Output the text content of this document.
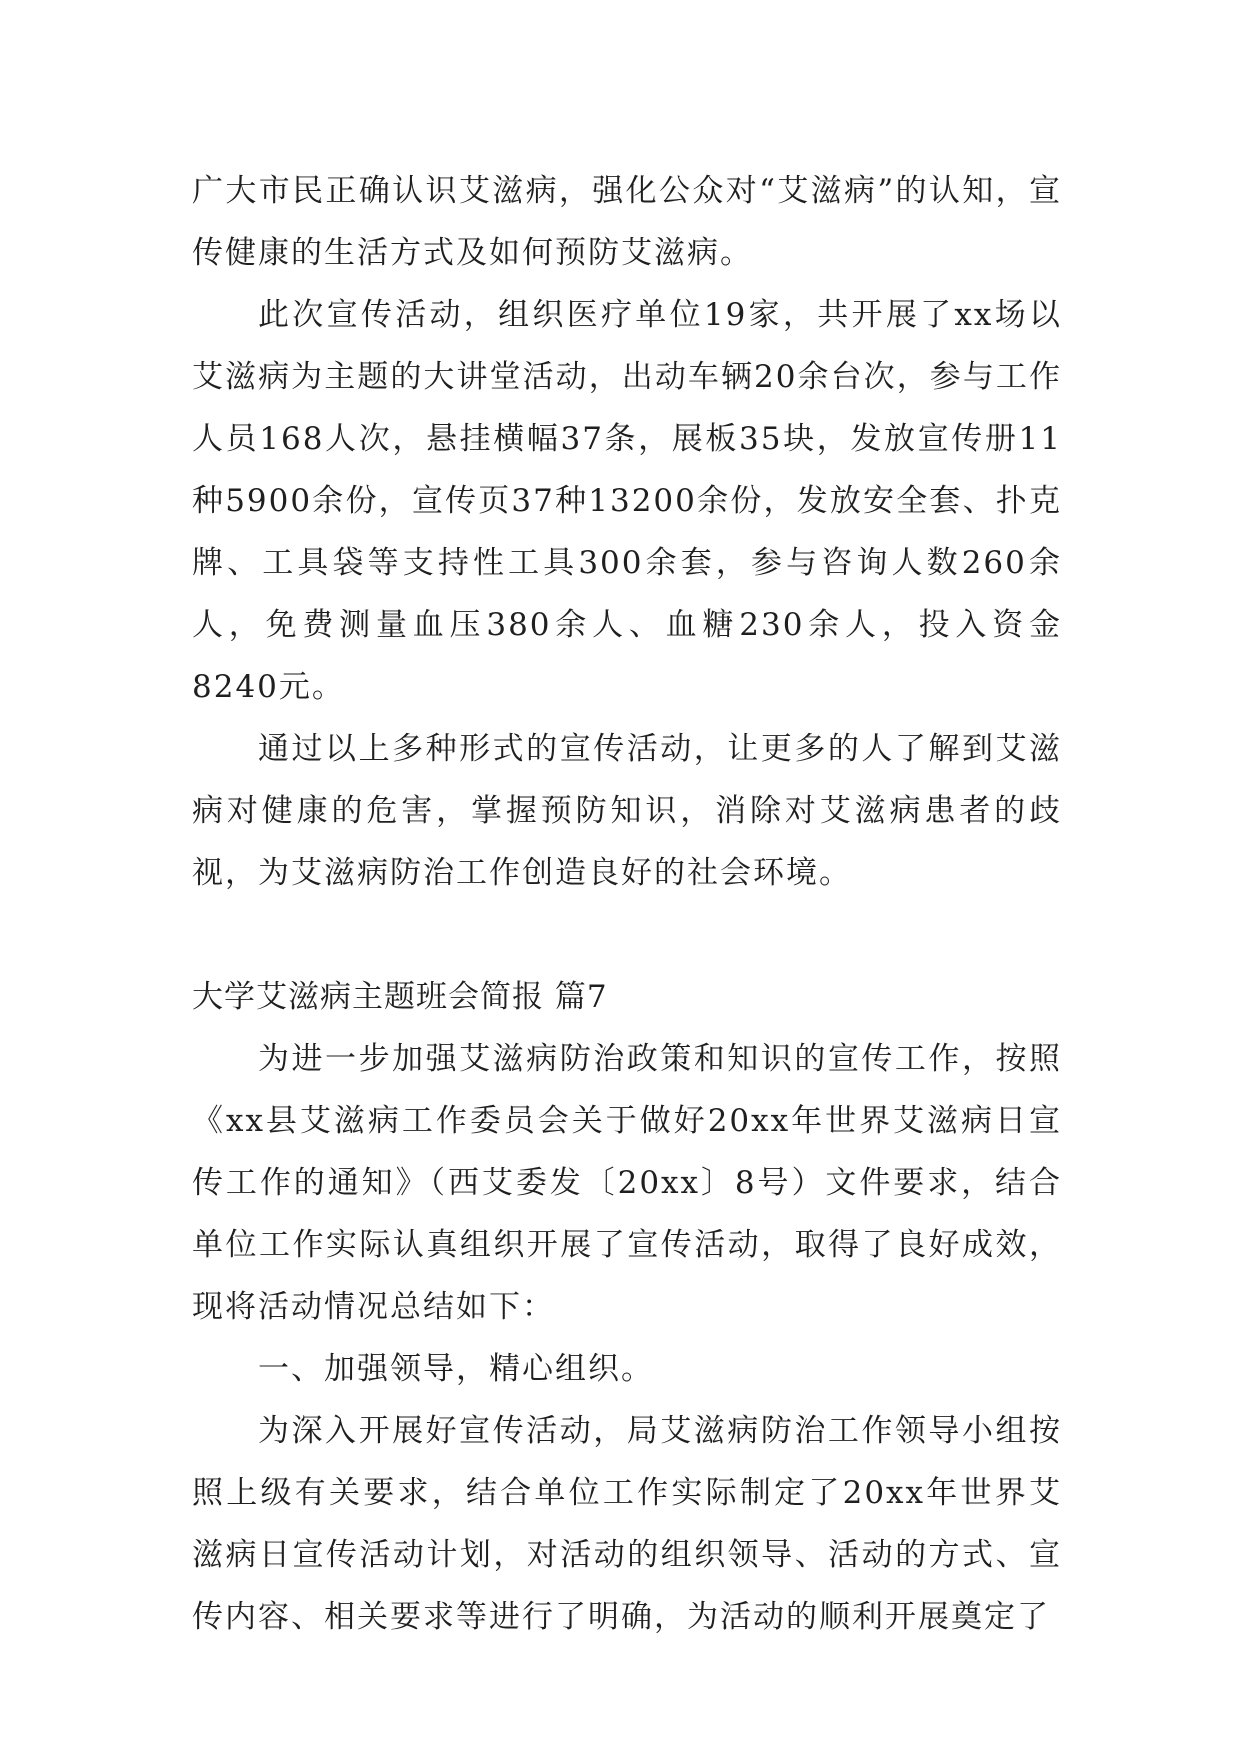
广大市民正确认识艾滋病，强化公众对“艾滋病”的认知，宣传健康的生活方式及如何预防艾滋病。

此次宣传活动，组织医疗单位19家，共开展了xx场以艾滋病为主题的大讲堂活动，出动车辆20余台次，参与工作人员168人次，悬挂横幅37条，展板35块，发放宣传册11种5900余份，宣传页37种13200余份，发放安全套、扑克牌、工具袋等支持性工具300余套，参与咨询人数260余人，免费测量血压380余人、血糖230余人，投入资金8240元。

通过以上多种形式的宣传活动，让更多的人了解到艾滋病对健康的危害，掌握预防知识，消除对艾滋病患者的歧视，为艾滋病防治工作创造良好的社会环境。

大学艾滋病主题班会简报 篇7

为进一步加强艾滋病防治政策和知识的宣传工作，按照《xx县艾滋病工作委员会关于做好20xx年世界艾滋病日宣传工作的通知》（西艾委发〔20xx〕8号）文件要求，结合单位工作实际认真组织开展了宣传活动，取得了良好成效，现将活动情况总结如下：

一、加强领导，精心组织。

为深入开展好宣传活动，局艾滋病防治工作领导小组按照上级有关要求，结合单位工作实际制定了20xx年世界艾滋病日宣传活动计划，对活动的组织领导、活动的方式、宣传内容、相关要求等进行了明确，为活动的顺利开展奠定了
